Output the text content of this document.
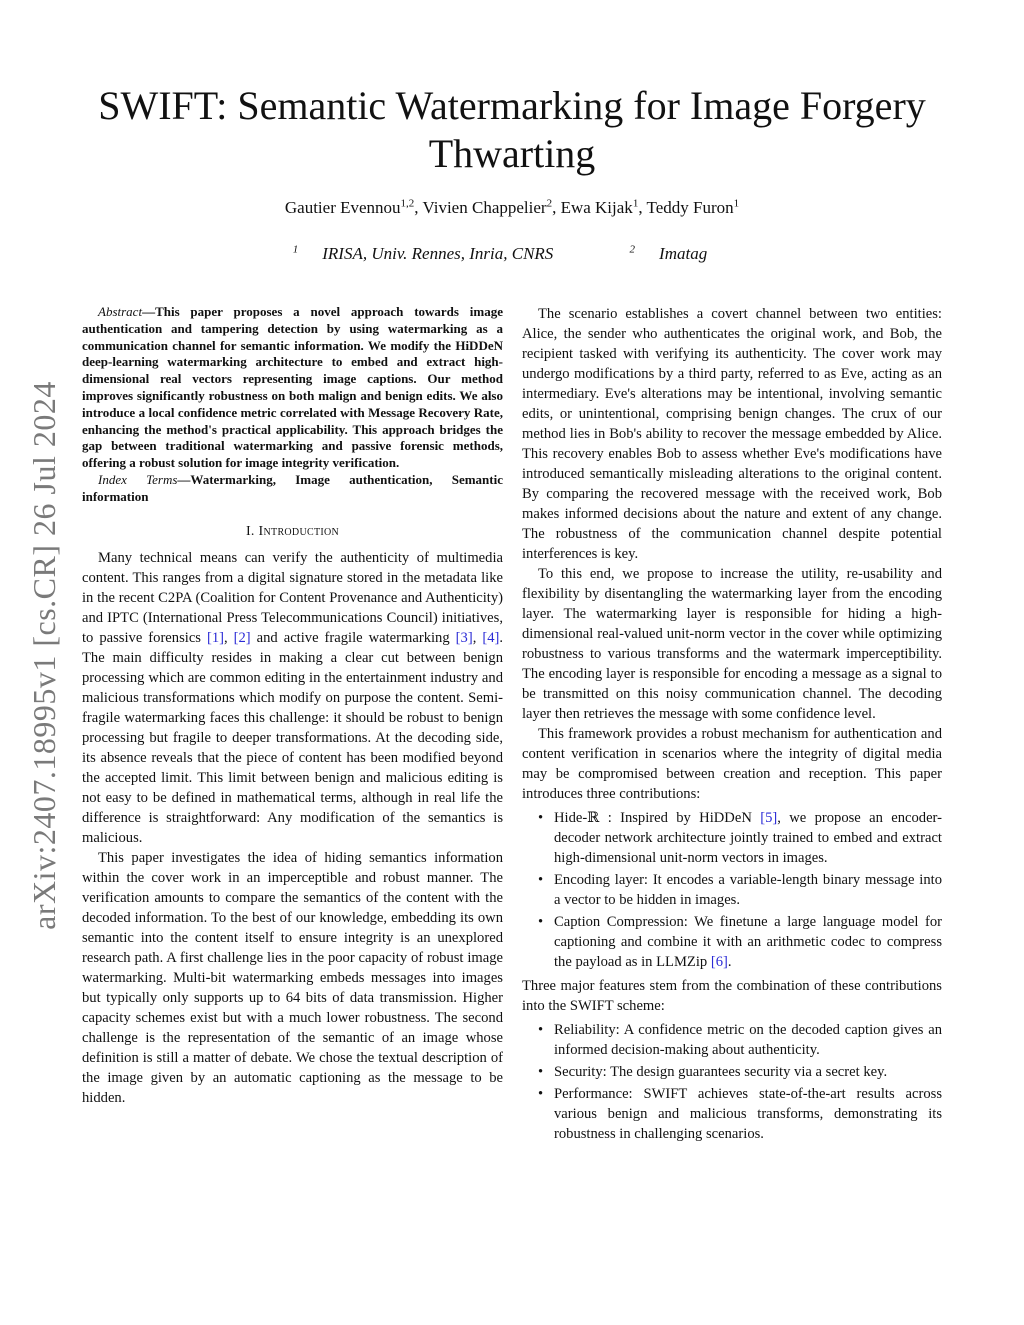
arXiv:2407.18995v1 [cs.CR] 26 Jul 2024
SWIFT: Semantic Watermarking for Image Forgery Thwarting
Gautier Evennou$^{1,2}$, Vivien Chappelier$^2$, Ewa Kijak$^1$, Teddy Furon$^1$
$^1$ IRISA, Univ. Rennes, Inria, CNRS	$^2$ Imatag

Abstract—This paper proposes a novel approach towards image authentication and tampering detection by using watermarking as a communication channel for semantic information. We modify the HiDDeN deep-learning watermarking architecture to embed and extract high-dimensional real vectors representing image captions. Our method improves significantly robustness on both malign and benign edits. We also introduce a local confidence metric correlated with Message Recovery Rate, enhancing the method's practical applicability. This approach bridges the gap between traditional watermarking and passive forensic methods, offering a robust solution for image integrity verification.

Index Terms—Watermarking, Image authentication, Semantic information

I. Introduction

Many technical means can verify the authenticity of multimedia content. This ranges from a digital signature stored in the metadata like in the recent C2PA (Coalition for Content Provenance and Authenticity) and IPTC (International Press Telecommunications Council) initiatives, to passive forensics [1], [2] and active fragile watermarking [3], [4]. The main difficulty resides in making a clear cut between benign processing which are common editing in the entertainment industry and malicious transformations which modify on purpose the content. Semi-fragile watermarking faces this challenge: it should be robust to benign processing but fragile to deeper transformations. At the decoding side, its absence reveals that the piece of content has been modified beyond the accepted limit. This limit between benign and malicious editing is not easy to be defined in mathematical terms, although in real life the difference is straightforward: Any modification of the semantics is malicious.

This paper investigates the idea of hiding semantics information within the cover work in an imperceptible and robust manner. The verification amounts to compare the semantics of the content with the decoded information. To the best of our knowledge, embedding its own semantic into the content itself to ensure integrity is an unexplored research path. A first challenge lies in the poor capacity of robust image watermarking. Multi-bit watermarking embeds messages into images but typically only supports up to 64 bits of data transmission. Higher capacity schemes exist but with a much lower robustness. The second challenge is the representation of the semantic of an image whose definition is still a matter of debate. We chose the textual description of the image given by an automatic captioning as the message to be hidden.

The scenario establishes a covert channel between two entities: Alice, the sender who authenticates the original work, and Bob, the recipient tasked with verifying its authenticity. The cover work may undergo modifications by a third party, referred to as Eve, acting as an intermediary. Eve's alterations may be intentional, involving semantic edits, or unintentional, comprising benign changes. The crux of our method lies in Bob's ability to recover the message embedded by Alice. This recovery enables Bob to assess whether Eve's modifications have introduced semantically misleading alterations to the original content. By comparing the recovered message with the received work, Bob makes informed decisions about the nature and extent of any change. The robustness of the communication channel despite potential interferences is key.

To this end, we propose to increase the utility, re-usability and flexibility by disentangling the watermarking layer from the encoding layer. The watermarking layer is responsible for hiding a high-dimensional real-valued unit-norm vector in the cover while optimizing robustness to various transforms and the watermark imperceptibility. The encoding layer is responsible for encoding a message as a signal to be transmitted on this noisy communication channel. The decoding layer then retrieves the message with some confidence level.

This framework provides a robust mechanism for authentication and content verification in scenarios where the integrity of digital media may be compromised between creation and reception. This paper introduces three contributions:

• Hide-ℝ : Inspired by HiDDeN [5], we propose an encoder-decoder network architecture jointly trained to embed and extract high-dimensional unit-norm vectors in images.
• Encoding layer: It encodes a variable-length binary message into a vector to be hidden in images.
• Caption Compression: We finetune a large language model for captioning and combine it with an arithmetic codec to compress the payload as in LLMZip [6].

Three major features stem from the combination of these contributions into the SWIFT scheme:

• Reliability: A confidence metric on the decoded caption gives an informed decision-making about authenticity.
• Security: The design guarantees security via a secret key.
• Performance: SWIFT achieves state-of-the-art results across various benign and malicious transforms, demonstrating its robustness in challenging scenarios.
